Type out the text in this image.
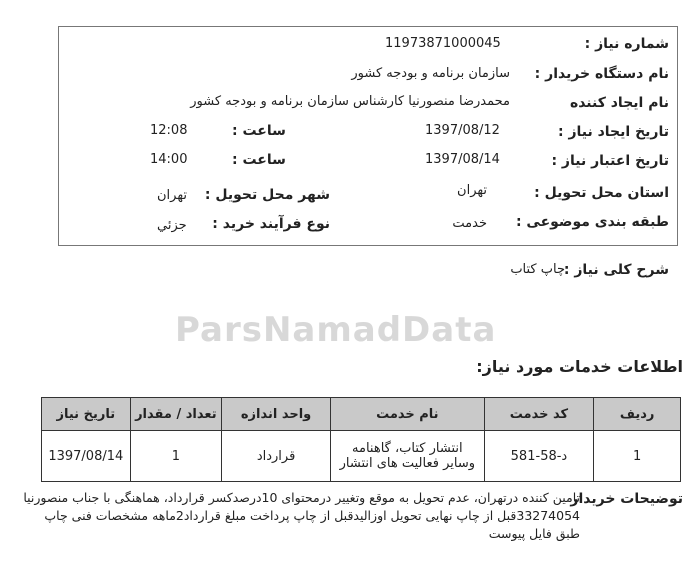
ParsNamadData
شماره نیاز :
11973871000045
نام دستگاه خریدار :
سازمان برنامه و بودجه کشور
نام ایجاد کننده
محمدرضا منصورنیا کارشناس سازمان برنامه و بودجه کشور
تاریخ ایجاد نیاز :
1397/08/12
ساعت :
12:08
تاریخ اعتبار نیاز :
1397/08/14
ساعت :
14:00
استان محل تحویل :
تهران
شهر محل تحویل :
تهران
طبقه بندی موضوعی :
خدمت
نوع فرآیند خرید :
جزئي
شرح کلی نیاز :
چاپ کتاب
اطلاعات خدمات مورد نیاز:
ردیف	کد خدمت	نام خدمت	واحد اندازه	تعداد / مقدار	تاریخ نیاز
1	د-58-581	انتشار کتاب، گاهنامه وسایر فعالیت های انتشار	قرارداد	1	1397/08/14
توضیحات خریدار
تامین کننده درتهران، عدم تحویل به موقع وتغییر درمحتوای 10درصدکسر قرارداد، هماهنگی با جناب منصورنیا 33274054قبل از چاپ نهایی تحویل اوزالیدقبل از چاپ پرداخت مبلغ قرارداد2ماهه مشخصات فنی چاپ طبق فایل پیوست
